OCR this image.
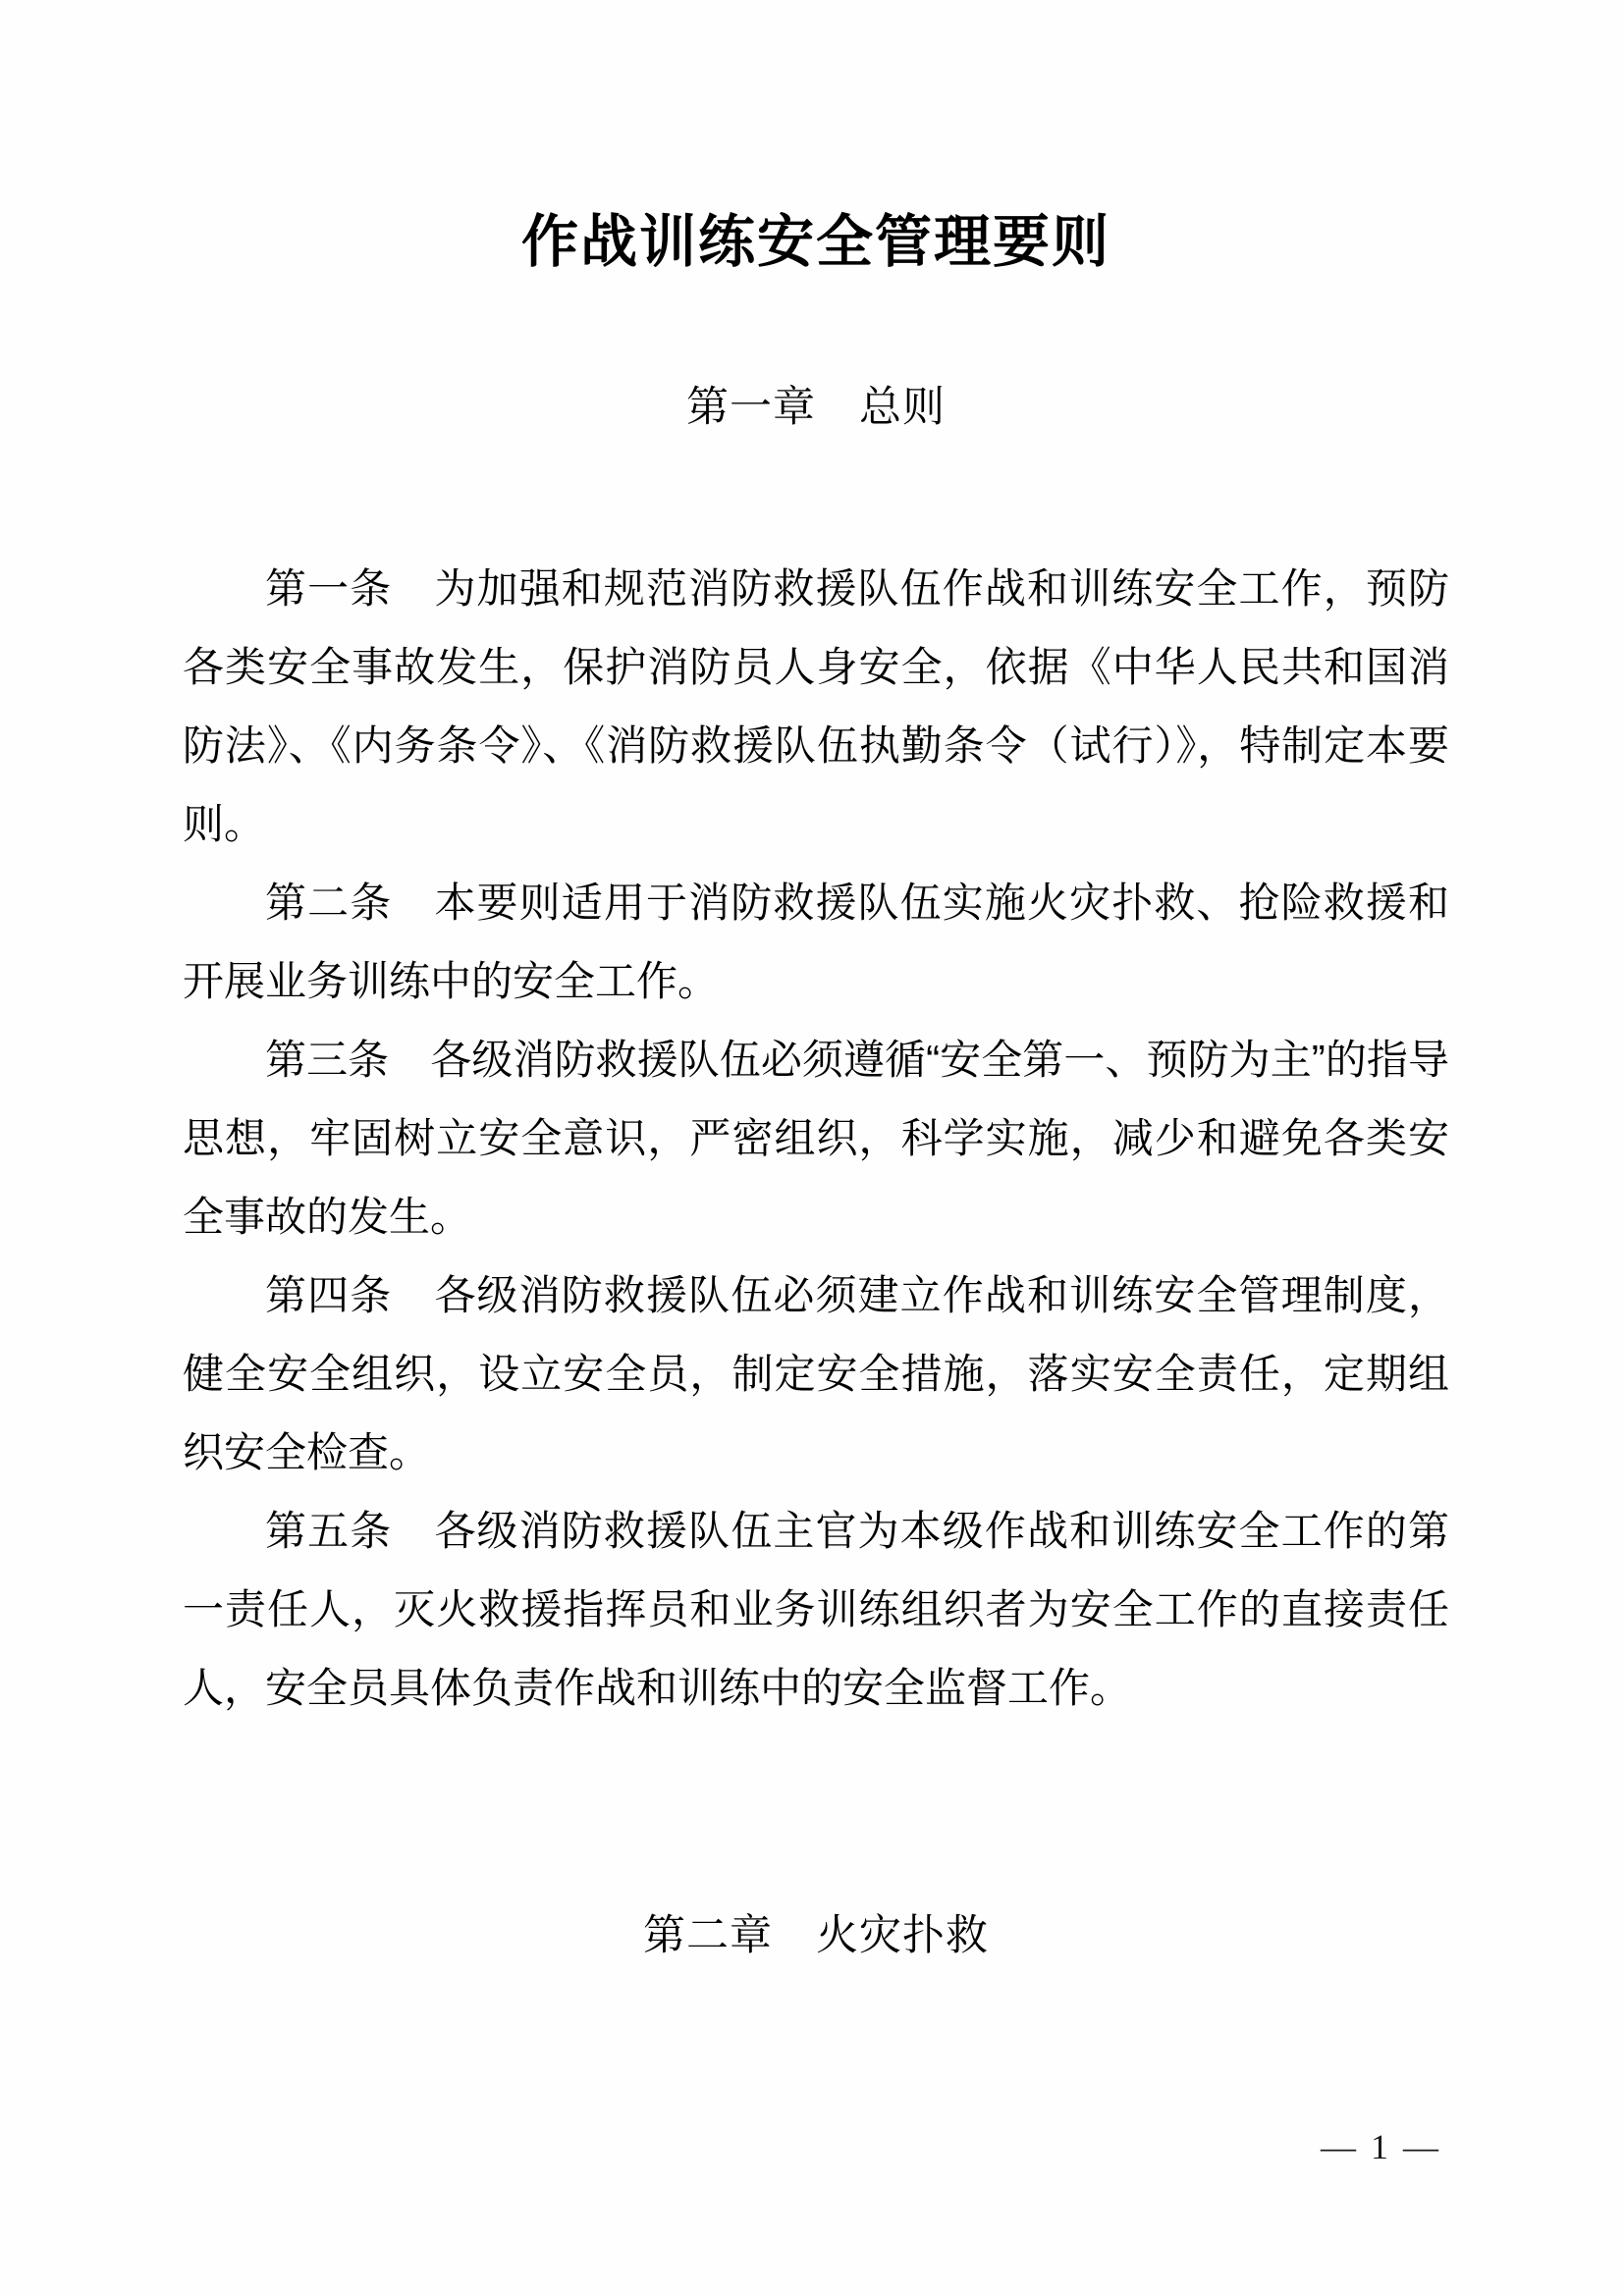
作战训练安全管理要则
第一章　总则

第一条　为加强和规范消防救援队伍作战和训练安全工作，预防各类安全事故发生，保护消防员人身安全，依据《中华人民共和国消防法》、《内务条令》、《消防救援队伍执勤条令（试行）》，特制定本要则。

第二条　本要则适用于消防救援队伍实施火灾扑救、抢险救援和开展业务训练中的安全工作。

第三条　各级消防救援队伍必须遵循“安全第一、预防为主”的指导思想，牢固树立安全意识，严密组织，科学实施，减少和避免各类安全事故的发生。

第四条　各级消防救援队伍必须建立作战和训练安全管理制度，健全安全组织，设立安全员，制定安全措施，落实安全责任，定期组织安全检查。

第五条　各级消防救援队伍主官为本级作战和训练安全工作的第一责任人，灭火救援指挥员和业务训练组织者为安全工作的直接责任人，安全员具体负责作战和训练中的安全监督工作。

第二章　火灾扑救
— 1 —
